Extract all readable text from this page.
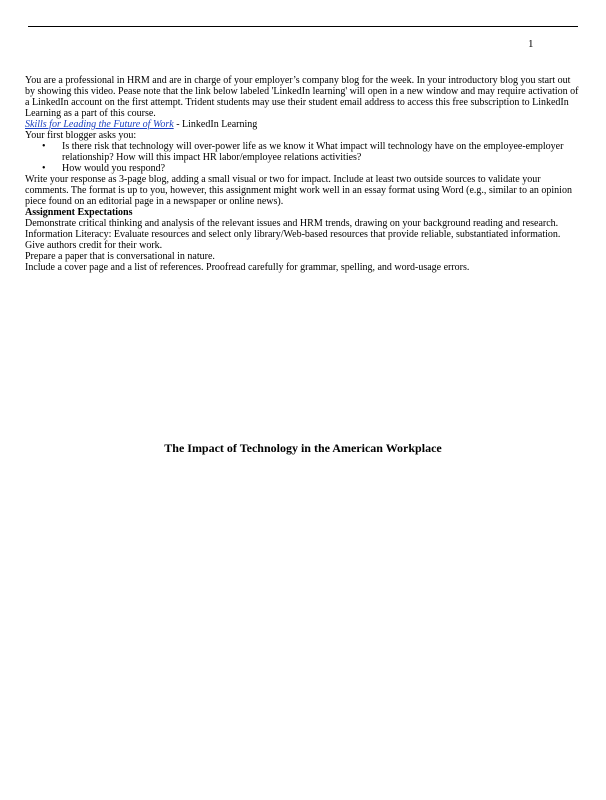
1

You are a professional in HRM and are in charge of your employer’s company blog for the week. In your introductory blog you start out by showing this video. Pease note that the link below labeled 'LinkedIn learning' will open in a new window and may require activation of a LinkedIn account on the first attempt. Trident students may use their student email address to access this free subscription to LinkedIn Learning as a part of this course.

Skills for Leading the Future of Work - LinkedIn Learning

Your first blogger asks you:

• Is there risk that technology will over-power life as we know it What impact will technology have on the employee-employer relationship? How will this impact HR labor/employee relations activities?
• How would you respond?

Write your response as 3-page blog, adding a small visual or two for impact. Include at least two outside sources to validate your comments. The format is up to you, however, this assignment might work well in an essay format using Word (e.g., similar to an opinion piece found on an editorial page in a newspaper or online news).

Assignment Expectations

Demonstrate critical thinking and analysis of the relevant issues and HRM trends, drawing on your background reading and research.

Information Literacy: Evaluate resources and select only library/Web-based resources that provide reliable, substantiated information. Give authors credit for their work.

Prepare a paper that is conversational in nature.

Include a cover page and a list of references. Proofread carefully for grammar, spelling, and word-usage errors.

The Impact of Technology in the American Workplace
